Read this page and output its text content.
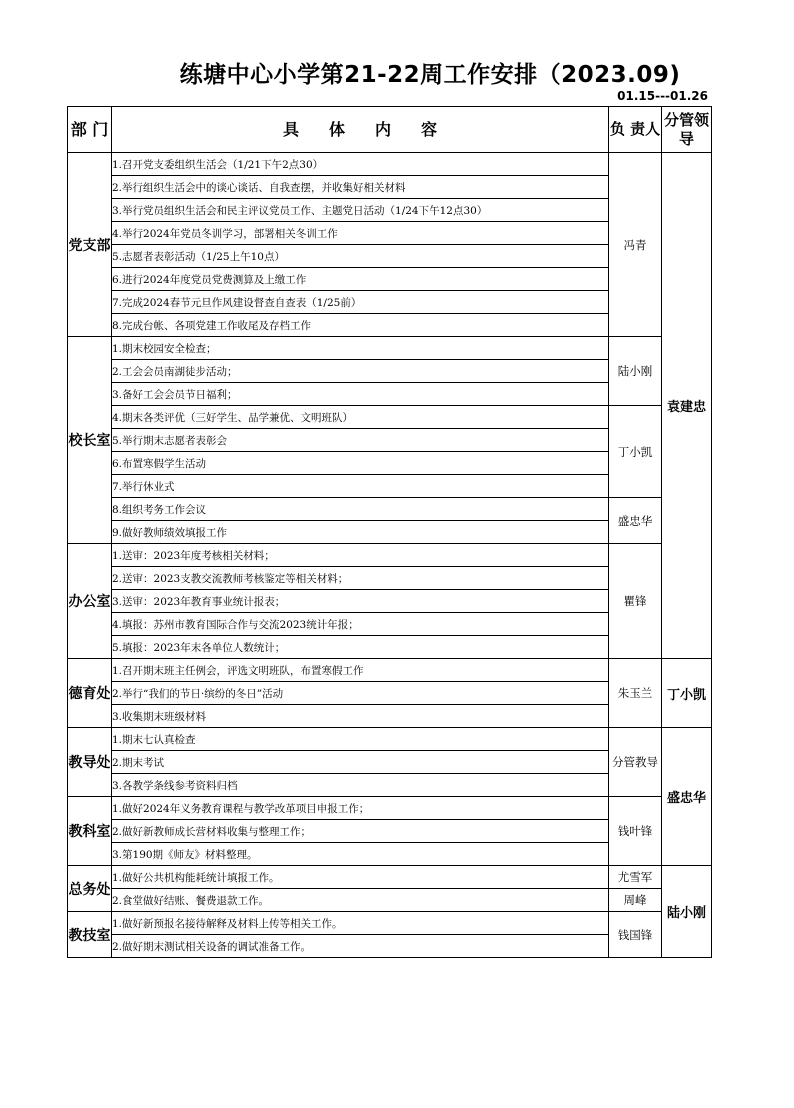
练塘中心小学第21-22周工作安排（2023.09)
01.15---01.26
部 门	具体内容	负 责人	分管领导
党支部	1.召开党支委组织生活会（1/21下午2点30）	冯青	袁建忠
	2.举行组织生活会中的谈心谈话、自我查摆，并收集好相关材料		
	3.举行党员组织生活会和民主评议党员工作、主题党日活动（1/24下午12点30）		
	4.举行2024年党员冬训学习，部署相关冬训工作		
	5.志愿者表彰活动（1/25上午10点）		
	6.进行2024年度党员党费测算及上缴工作		
	7.完成2024春节元旦作风建设督查自查表（1/25前）		
	8.完成台帐、各项党建工作收尾及存档工作		
校长室	1.期末校园安全检查；	陆小刚	
	2.工会会员南湖徒步活动；		
	3.备好工会会员节日福利；		
	4.期末各类评优（三好学生、品学兼优、文明班队）	丁小凯	
	5.举行期末志愿者表彰会		
	6.布置寒假学生活动		
	7.举行休业式		
	8.组织考务工作会议	盛忠华	
	9.做好教师绩效填报工作		
办公室	1.送审：2023年度考核相关材料；	瞿锋	
	2.送审：2023支教交流教师考核鉴定等相关材料；		
	3.送审：2023年教育事业统计报表；		
	4.填报：苏州市教育国际合作与交流2023统计年报；		
	5.填报：2023年末各单位人数统计；		
德育处	1.召开期末班主任例会，评选文明班队，布置寒假工作	朱玉兰	丁小凯
	2.举行“我们的节日·缤纷的冬日”活动		
	3.收集期末班级材料		
教导处	1.期末七认真检查	分管教导	盛忠华
	2.期末考试		
	3.各教学条线参考资料归档		
教科室	1.做好2024年义务教育课程与教学改革项目申报工作；	钱叶锋	
	2.做好新教师成长营材料收集与整理工作；		
	3.第190期《师友》材料整理。		
总务处	1.做好公共机构能耗统计填报工作。	尤雪军	陆小刚
	2.食堂做好结账、餐费退款工作。	周峰	
教技室	1.做好新预报名接待解释及材料上传等相关工作。	钱国锋	
	2.做好期末测试相关设备的调试准备工作。		
